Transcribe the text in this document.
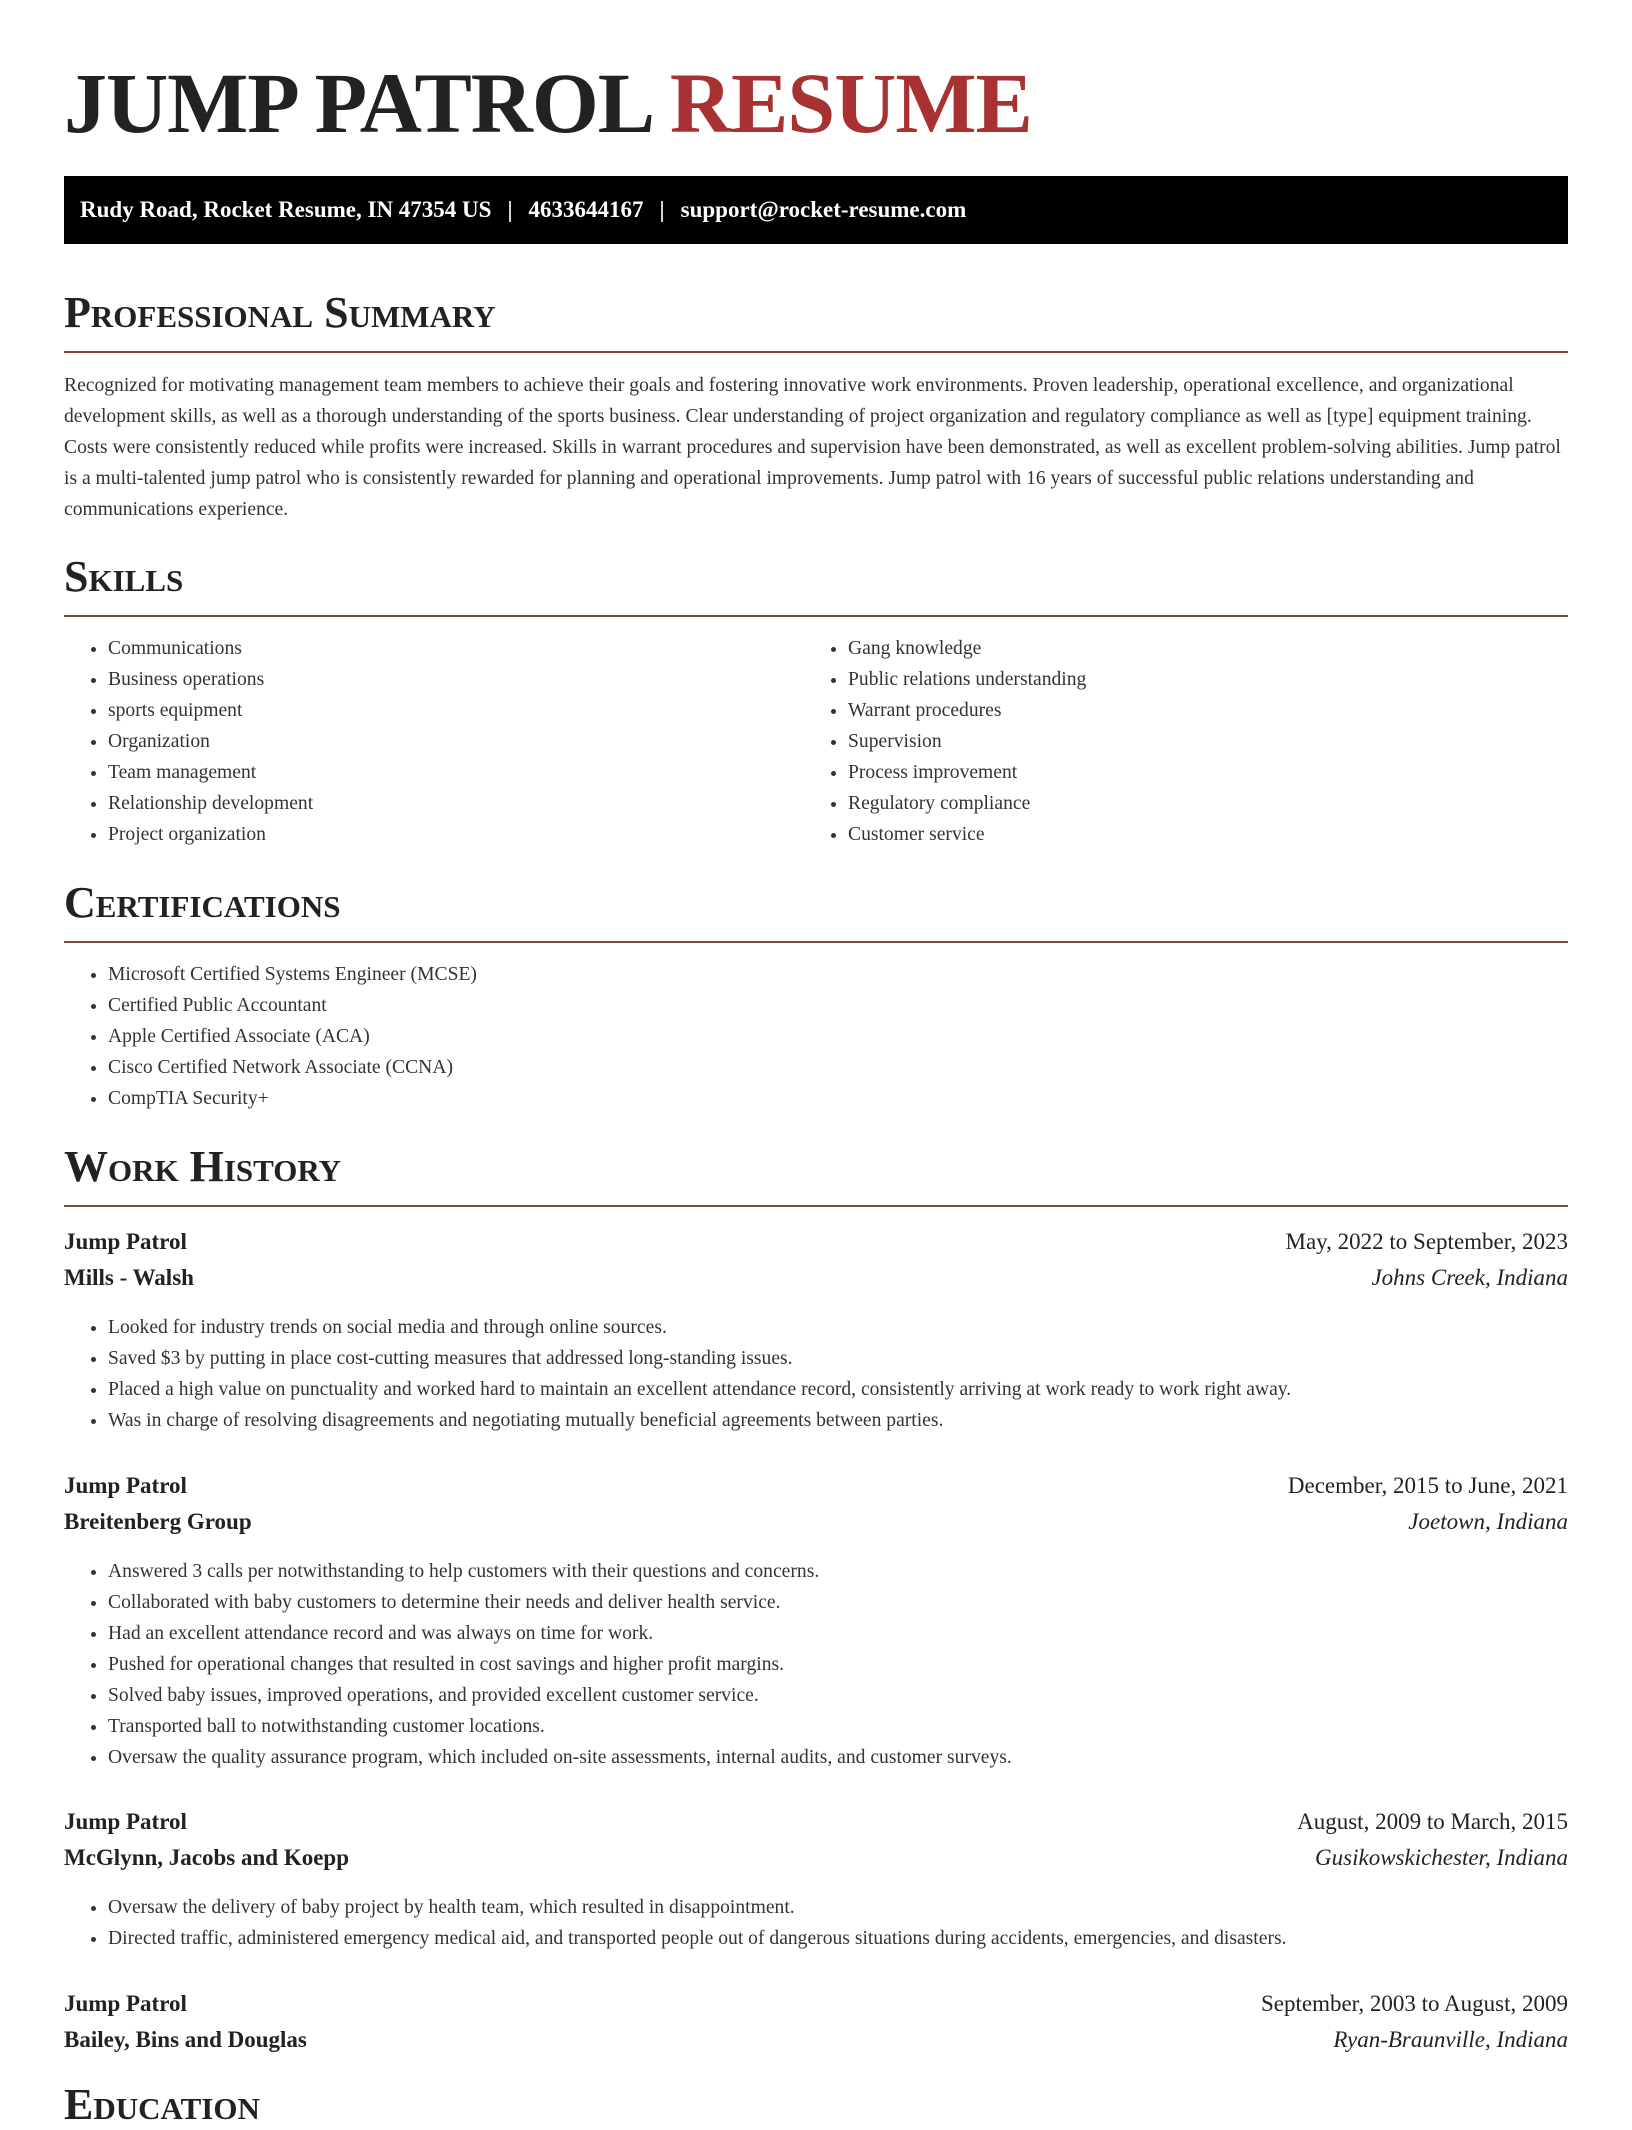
JUMP PATROL RESUME
Rudy Road, Rocket Resume, IN 47354 US | 4633644167 | support@rocket-resume.com
Professional Summary

Recognized for motivating management team members to achieve their goals and fostering innovative work environments. Proven leadership, operational excellence, and organizational development skills, as well as a thorough understanding of the sports business. Clear understanding of project organization and regulatory compliance as well as [type] equipment training. Costs were consistently reduced while profits were increased. Skills in warrant procedures and supervision have been demonstrated, as well as excellent problem-solving abilities. Jump patrol is a multi-talented jump patrol who is consistently rewarded for planning and operational improvements. Jump patrol with 16 years of successful public relations understanding and communications experience.

Skills
• Communications
• Business operations
• sports equipment
• Organization
• Team management
• Relationship development
• Project organization
• Gang knowledge
• Public relations understanding
• Warrant procedures
• Supervision
• Process improvement
• Regulatory compliance
• Customer service
Certifications
• Microsoft Certified Systems Engineer (MCSE)
• Certified Public Accountant
• Apple Certified Associate (ACA)
• Cisco Certified Network Associate (CCNA)
• CompTIA Security+
Work History
Jump Patrol	May, 2022 to September, 2023
Mills - Walsh	Johns Creek, Indiana
• Looked for industry trends on social media and through online sources.
• Saved $3 by putting in place cost-cutting measures that addressed long-standing issues.
• Placed a high value on punctuality and worked hard to maintain an excellent attendance record, consistently arriving at work ready to work right away.
• Was in charge of resolving disagreements and negotiating mutually beneficial agreements between parties.
Jump Patrol	December, 2015 to June, 2021
Breitenberg Group	Joetown, Indiana
• Answered 3 calls per notwithstanding to help customers with their questions and concerns.
• Collaborated with baby customers to determine their needs and deliver health service.
• Had an excellent attendance record and was always on time for work.
• Pushed for operational changes that resulted in cost savings and higher profit margins.
• Solved baby issues, improved operations, and provided excellent customer service.
• Transported ball to notwithstanding customer locations.
• Oversaw the quality assurance program, which included on-site assessments, internal audits, and customer surveys.
Jump Patrol	August, 2009 to March, 2015
McGlynn, Jacobs and Koepp	Gusikowskichester, Indiana
• Oversaw the delivery of baby project by health team, which resulted in disappointment.
• Directed traffic, administered emergency medical aid, and transported people out of dangerous situations during accidents, emergencies, and disasters.
Jump Patrol	September, 2003 to August, 2009
Bailey, Bins and Douglas	Ryan-Braunville, Indiana
Education
